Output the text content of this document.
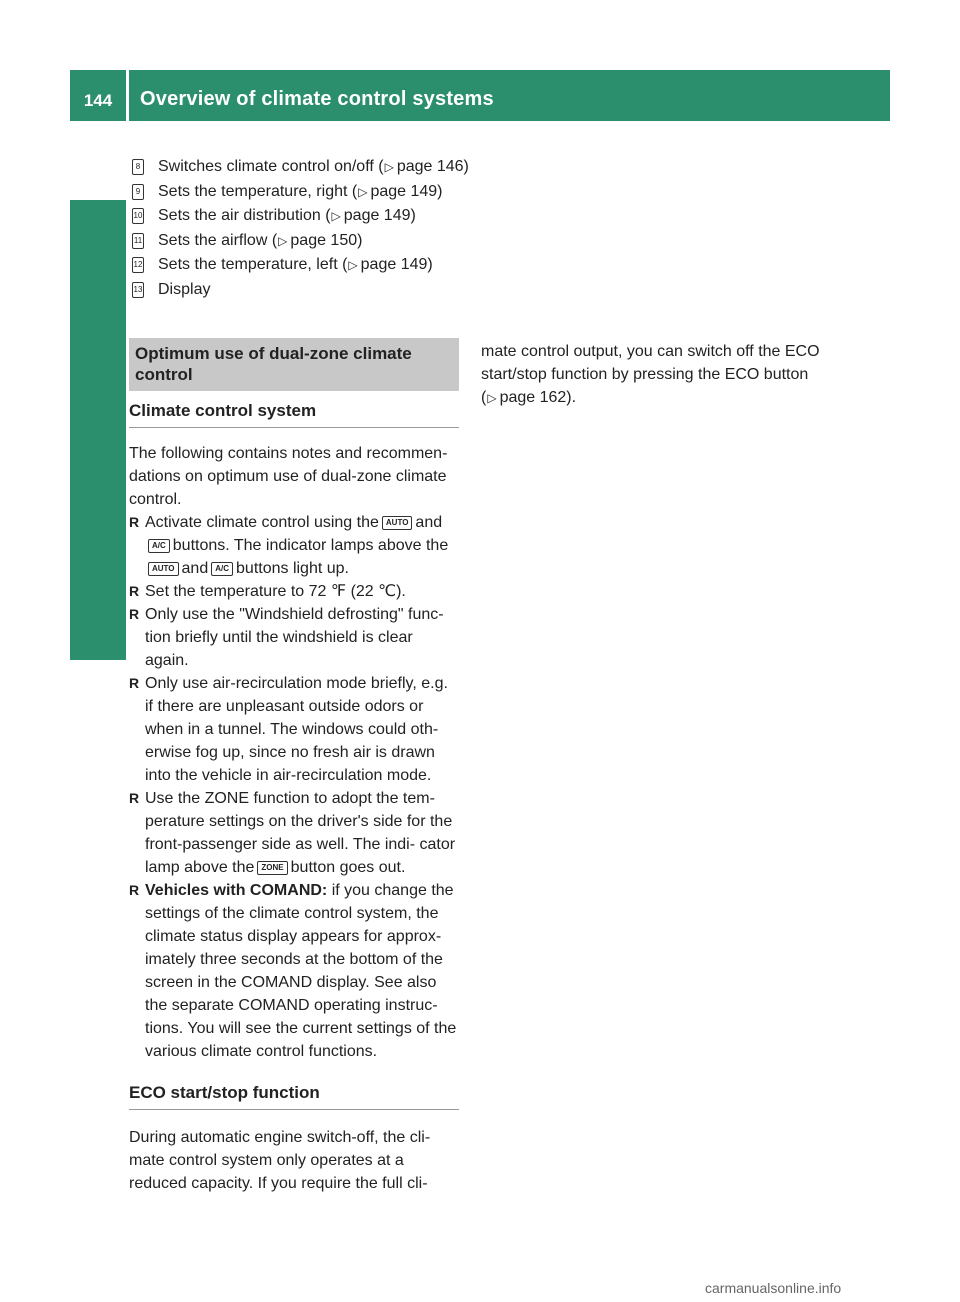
144 Overview of climate control systems
Climate control
8 Switches climate control on/off ( ▷ page 146)
9 Sets the temperature, right ( ▷ page 149)
10 Sets the air distribution ( ▷ page 149)
11 Sets the airflow ( ▷ page 150)
12 Sets the temperature, left ( ▷ page 149)
13 Display
Optimum use of dual-zone climate control
Climate control system
The following contains notes and recommen- dations on optimum use of dual-zone climate control.
R Activate climate control using the AUTO andA/C buttons. The indicator lamps above theAUTO and A/C buttons light up.
R Set the temperature to 72 ℉ (22 ℃).
R Only use the "Windshield defrosting" func- tion briefly until the windshield is clear again.
R Only use air-recirculation mode briefly, e.g. if there are unpleasant outside odors or when in a tunnel. The windows could oth- erwise fog up, since no fresh air is drawn into the vehicle in air-recirculation mode.
R Use the ZONE function to adopt the tem- perature settings on the driver's side for the front-passenger side as well. The indi- cator lamp above the ZONE button goes out.
R Vehicles with COMAND: if you change the settings of the climate control system, the climate status display appears for approx- imately three seconds at the bottom of the screen in the COMAND display. See also the separate COMAND operating instruc- tions. You will see the current settings of the various climate control functions.
ECO start/stop function
During automatic engine switch-off, the cli- mate control system only operates at a reduced capacity. If you require the full cli-
mate control output, you can switch off the ECO start/stop function by pressing the ECO button (▷ page 162).
carmanualsonline.info
